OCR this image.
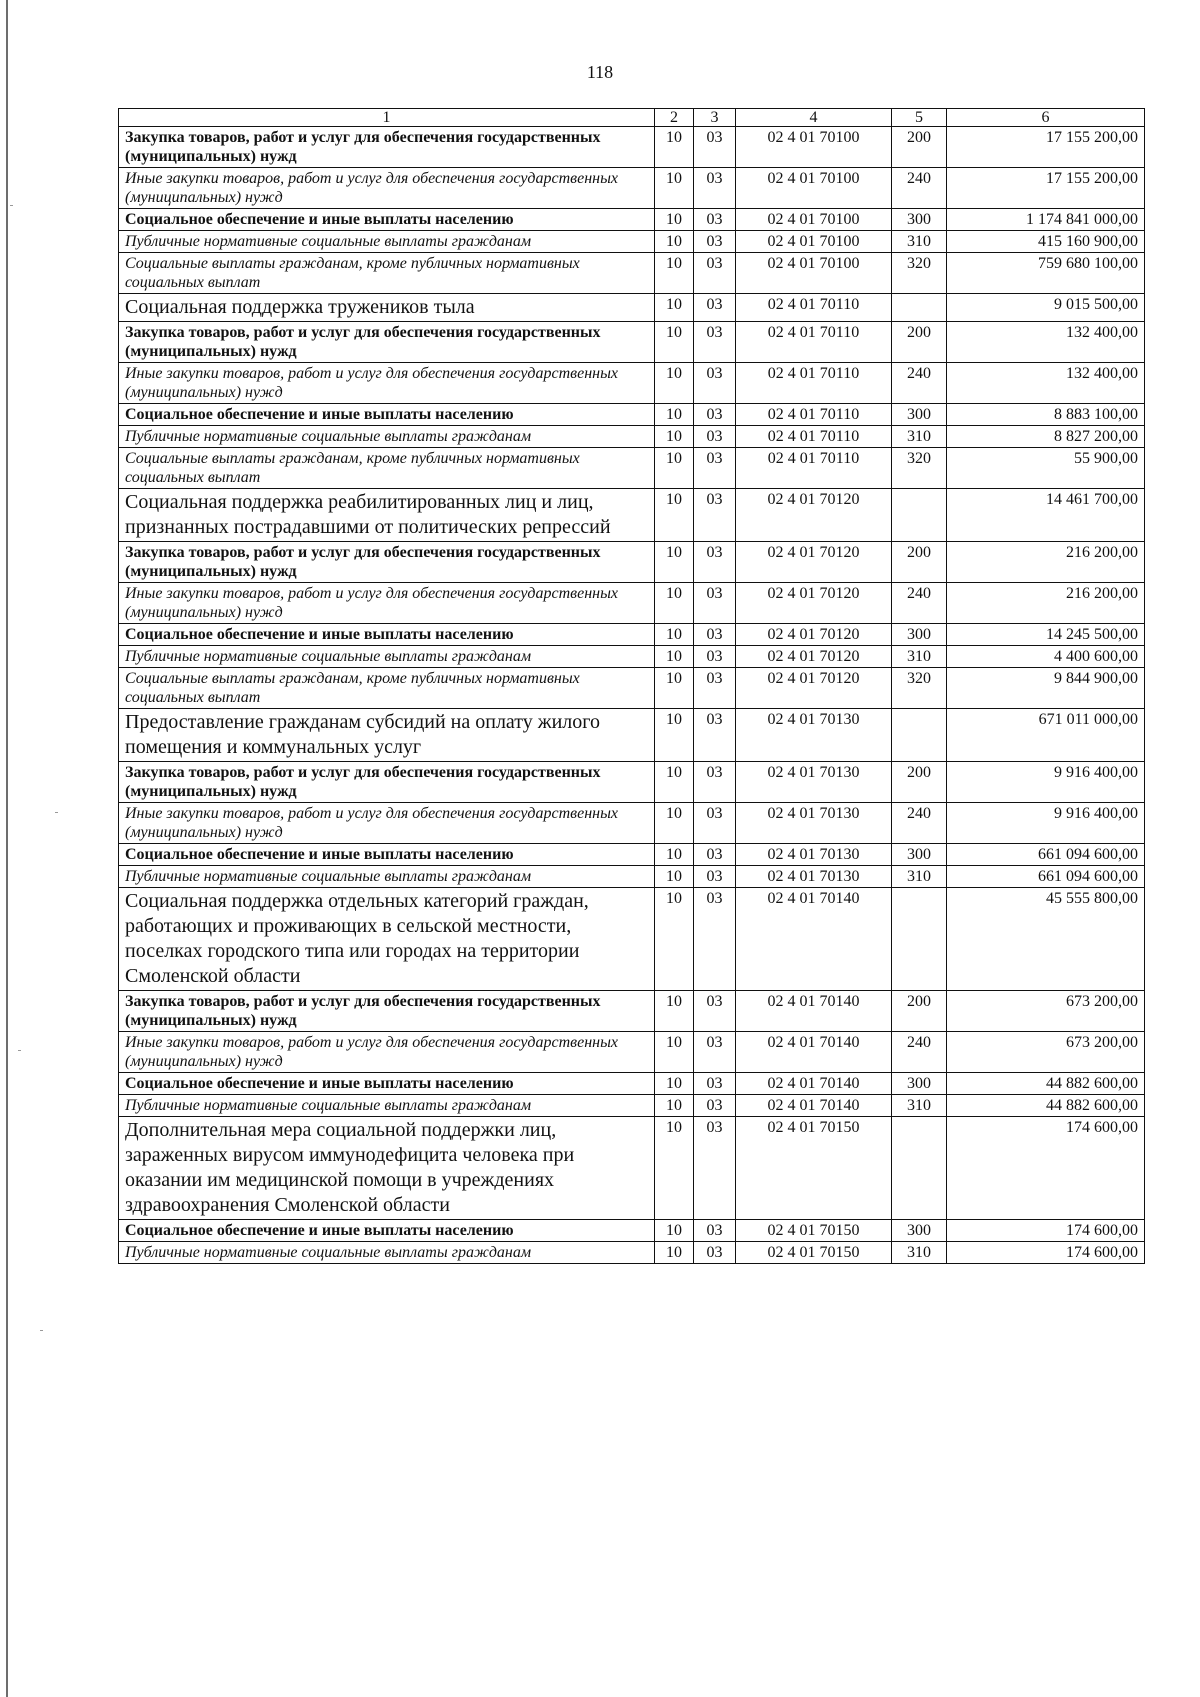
118
1	2	3	4	5	6
Закупка товаров, работ и услуг для обеспечения государственных (муниципальных) нужд	10	03	02 4 01 70100	200	17 155 200,00
Иные закупки товаров, работ и услуг для обеспечения государственных (муниципальных) нужд	10	03	02 4 01 70100	240	17 155 200,00
Социальное обеспечение и иные выплаты населению	10	03	02 4 01 70100	300	1 174 841 000,00
Публичные нормативные социальные выплаты гражданам	10	03	02 4 01 70100	310	415 160 900,00
Социальные выплаты гражданам, кроме публичных нормативных социальных выплат	10	03	02 4 01 70100	320	759 680 100,00
Социальная поддержка тружеников тыла	10	03	02 4 01 70110		9 015 500,00
Закупка товаров, работ и услуг для обеспечения государственных (муниципальных) нужд	10	03	02 4 01 70110	200	132 400,00
Иные закупки товаров, работ и услуг для обеспечения государственных (муниципальных) нужд	10	03	02 4 01 70110	240	132 400,00
Социальное обеспечение и иные выплаты населению	10	03	02 4 01 70110	300	8 883 100,00
Публичные нормативные социальные выплаты гражданам	10	03	02 4 01 70110	310	8 827 200,00
Социальные выплаты гражданам, кроме публичных нормативных социальных выплат	10	03	02 4 01 70110	320	55 900,00
Социальная поддержка реабилитированных лиц и лиц, признанных пострадавшими от политических репрессий	10	03	02 4 01 70120		14 461 700,00
Закупка товаров, работ и услуг для обеспечения государственных (муниципальных) нужд	10	03	02 4 01 70120	200	216 200,00
Иные закупки товаров, работ и услуг для обеспечения государственных (муниципальных) нужд	10	03	02 4 01 70120	240	216 200,00
Социальное обеспечение и иные выплаты населению	10	03	02 4 01 70120	300	14 245 500,00
Публичные нормативные социальные выплаты гражданам	10	03	02 4 01 70120	310	4 400 600,00
Социальные выплаты гражданам, кроме публичных нормативных социальных выплат	10	03	02 4 01 70120	320	9 844 900,00
Предоставление гражданам субсидий на оплату жилого помещения и коммунальных услуг	10	03	02 4 01 70130		671 011 000,00
Закупка товаров, работ и услуг для обеспечения государственных (муниципальных) нужд	10	03	02 4 01 70130	200	9 916 400,00
Иные закупки товаров, работ и услуг для обеспечения государственных (муниципальных) нужд	10	03	02 4 01 70130	240	9 916 400,00
Социальное обеспечение и иные выплаты населению	10	03	02 4 01 70130	300	661 094 600,00
Публичные нормативные социальные выплаты гражданам	10	03	02 4 01 70130	310	661 094 600,00
Социальная поддержка отдельных категорий граждан, работающих и проживающих в сельской местности, поселках городского типа или городах на территории Смоленской области	10	03	02 4 01 70140		45 555 800,00
Закупка товаров, работ и услуг для обеспечения государственных (муниципальных) нужд	10	03	02 4 01 70140	200	673 200,00
Иные закупки товаров, работ и услуг для обеспечения государственных (муниципальных) нужд	10	03	02 4 01 70140	240	673 200,00
Социальное обеспечение и иные выплаты населению	10	03	02 4 01 70140	300	44 882 600,00
Публичные нормативные социальные выплаты гражданам	10	03	02 4 01 70140	310	44 882 600,00
Дополнительная мера социальной поддержки лиц, зараженных вирусом иммунодефицита человека при оказании им медицинской помощи в учреждениях здравоохранения Смоленской области	10	03	02 4 01 70150		174 600,00
Социальное обеспечение и иные выплаты населению	10	03	02 4 01 70150	300	174 600,00
Публичные нормативные социальные выплаты гражданам	10	03	02 4 01 70150	310	174 600,00
